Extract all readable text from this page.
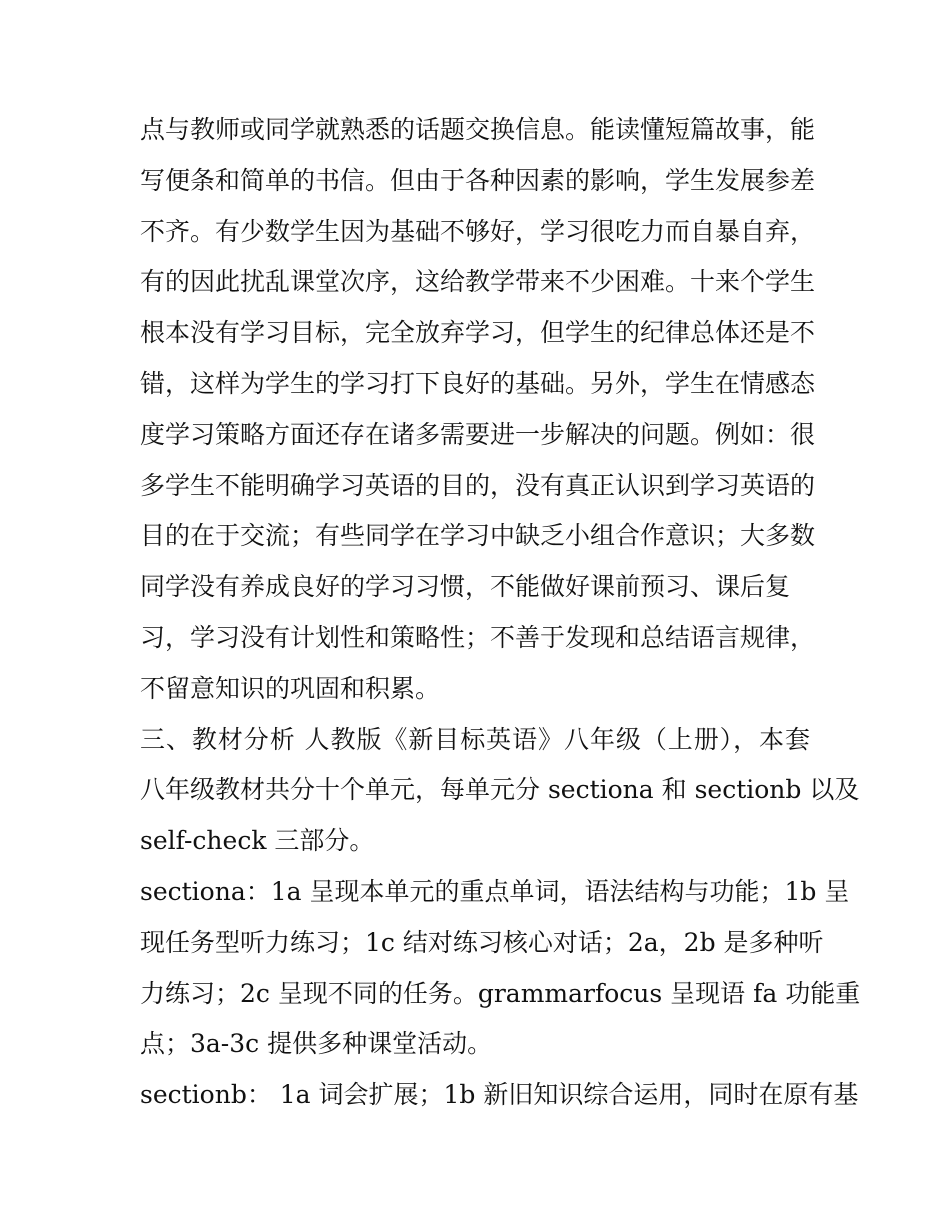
点与教师或同学就熟悉的话题交换信息。能读懂短篇故事，能
写便条和简单的书信。但由于各种因素的影响，学生发展参差
不齐。有少数学生因为基础不够好，学习很吃力而自暴自弃，
有的因此扰乱课堂次序，这给教学带来不少困难。十来个学生
根本没有学习目标，完全放弃学习，但学生的纪律总体还是不
错，这样为学生的学习打下良好的基础。另外，学生在情感态
度学习策略方面还存在诸多需要进一步解决的问题。例如：很
多学生不能明确学习英语的目的，没有真正认识到学习英语的
目的在于交流；有些同学在学习中缺乏小组合作意识；大多数
同学没有养成良好的学习习惯，不能做好课前预习、课后复
习，学习没有计划性和策略性；不善于发现和总结语言规律，
不留意知识的巩固和积累。
三、教材分析 人教版《新目标英语》八年级（上册），本套
八年级教材共分十个单元，每单元分 sectiona 和 sectionb 以及
self-check 三部分。
sectiona：1a 呈现本单元的重点单词，语法结构与功能；1b 呈
现任务型听力练习；1c 结对练习核心对话；2a，2b 是多种听
力练习；2c 呈现不同的任务。grammarfocus 呈现语 fa 功能重
点；3a-3c 提供多种课堂活动。
sectionb： 1a 词会扩展；1b 新旧知识综合运用，同时在原有基
